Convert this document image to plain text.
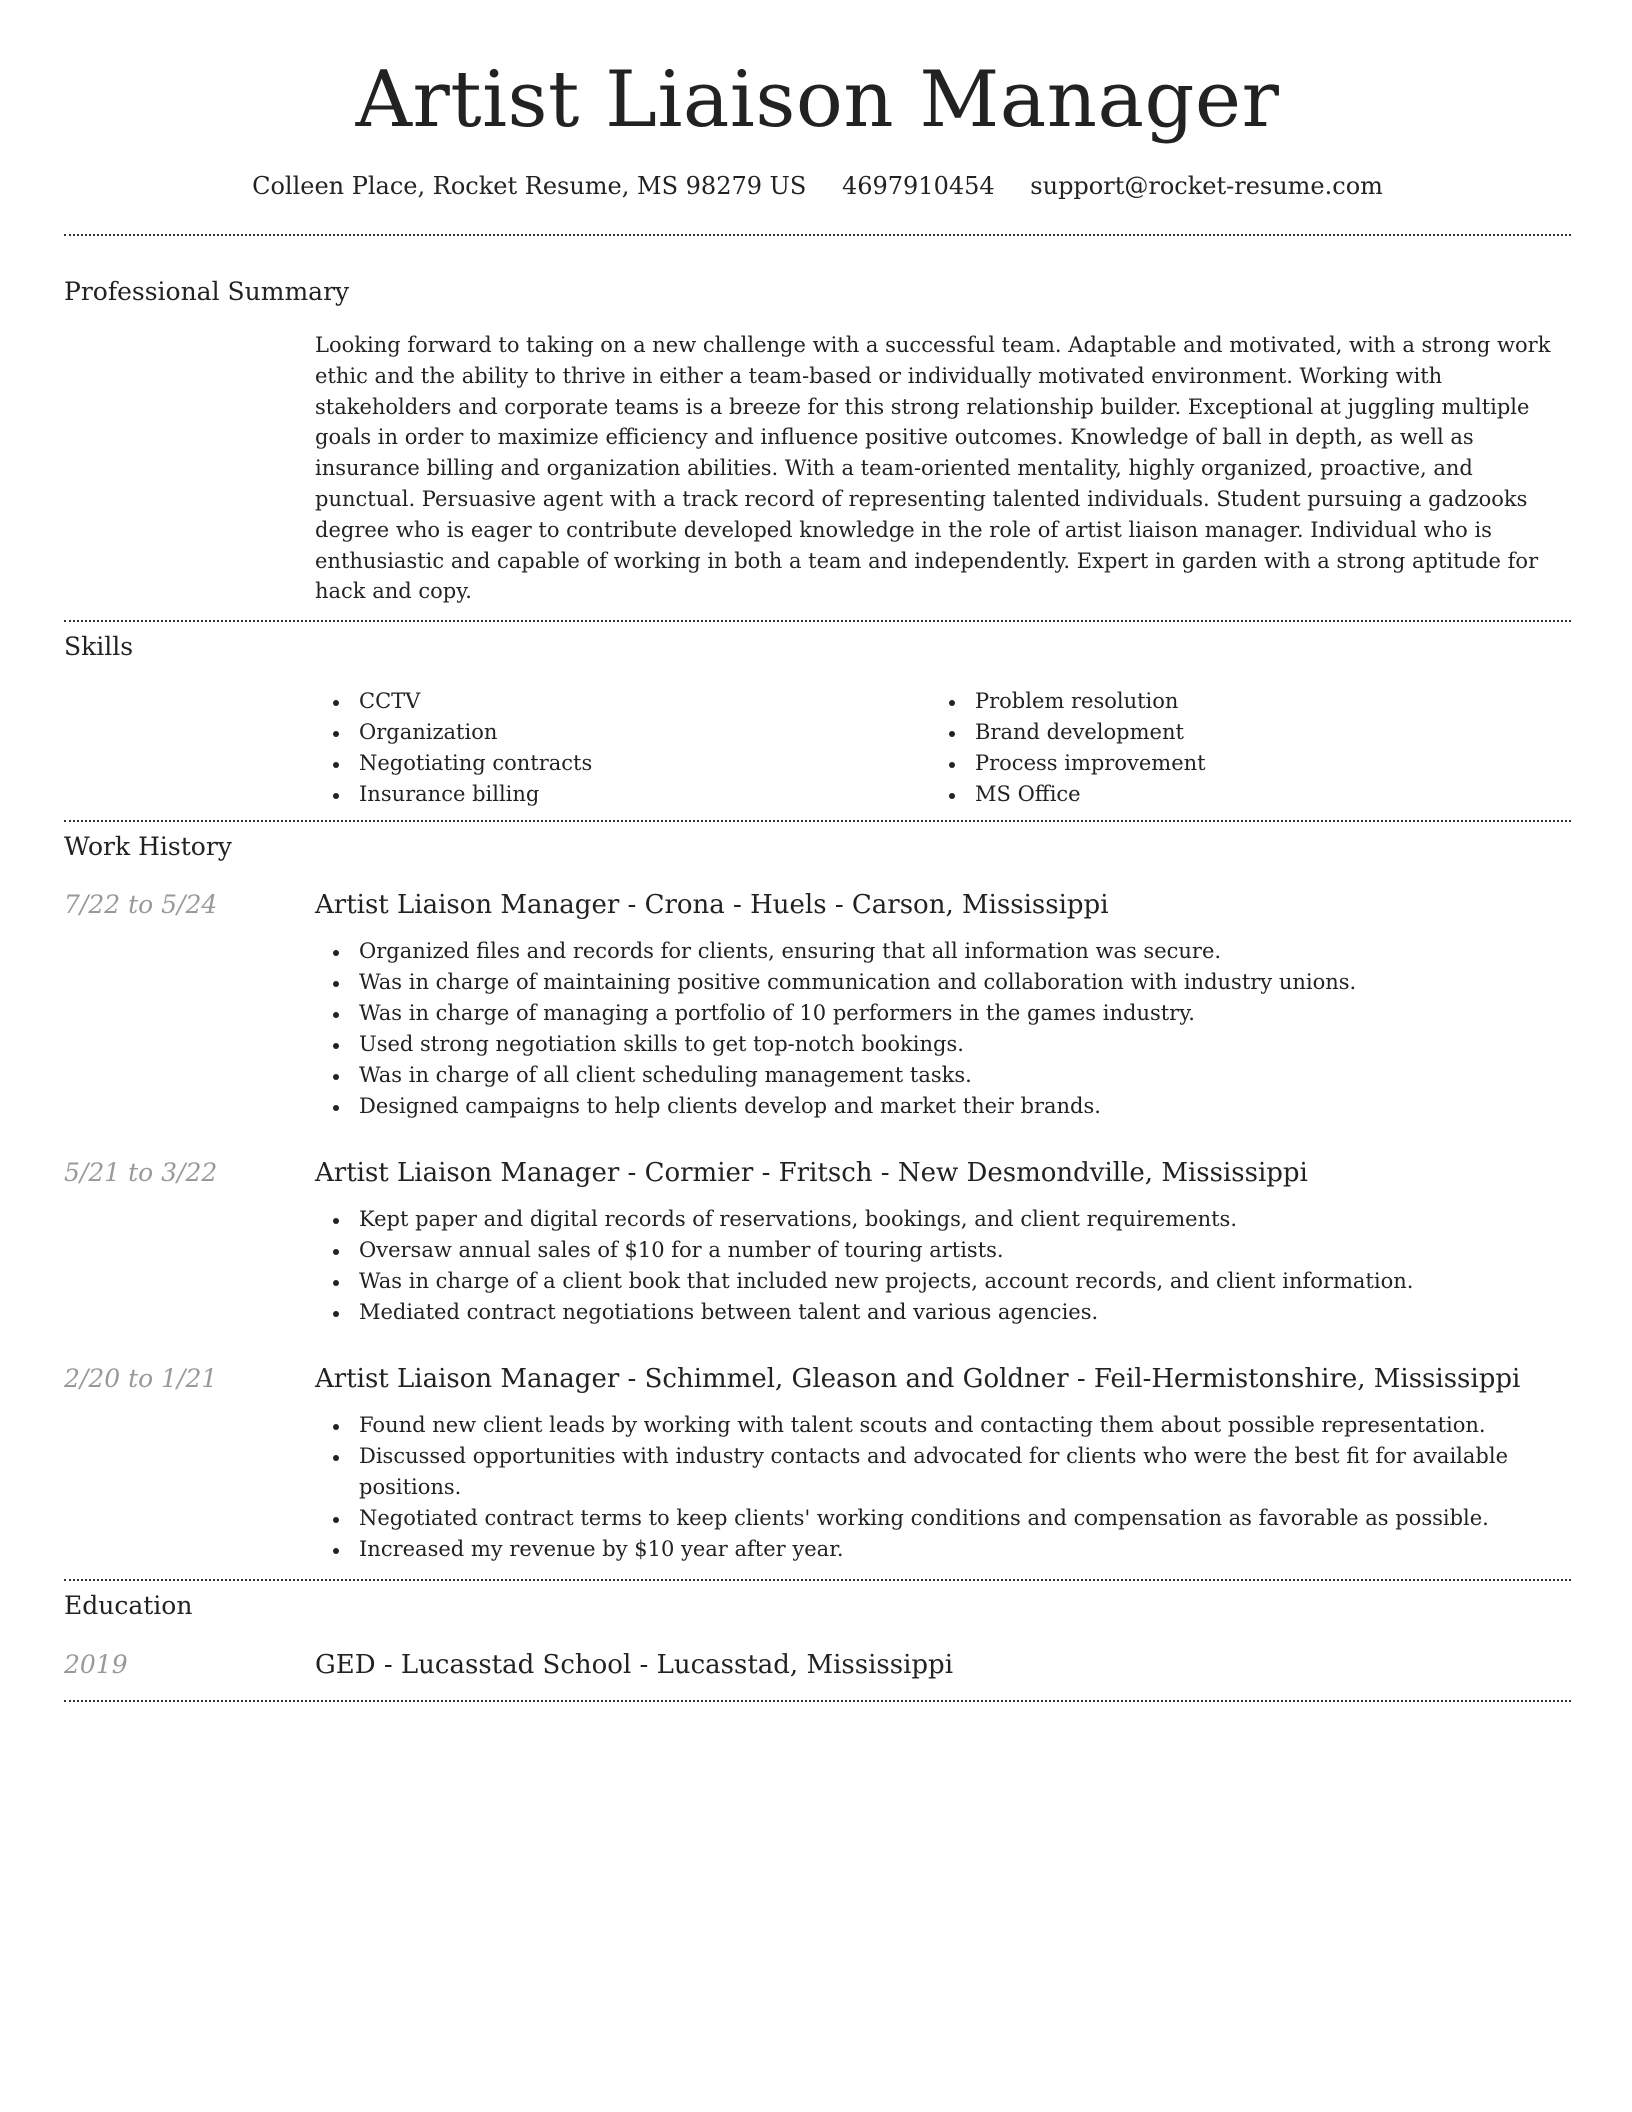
Artist Liaison Manager
Colleen Place, Rocket Resume, MS 98279 US 4697910454 support@rocket-resume.com
Professional Summary

Looking forward to taking on a new challenge with a successful team. Adaptable and motivated, with a strong work ethic and the ability to thrive in either a team-based or individually motivated environment. Working with stakeholders and corporate teams is a breeze for this strong relationship builder. Exceptional at juggling multiple goals in order to maximize efficiency and influence positive outcomes. Knowledge of ball in depth, as well as insurance billing and organization abilities. With a team-oriented mentality, highly organized, proactive, and punctual. Persuasive agent with a track record of representing talented individuals. Student pursuing a gadzooks degree who is eager to contribute developed knowledge in the role of artist liaison manager. Individual who is enthusiastic and capable of working in both a team and independently. Expert in garden with a strong aptitude for hack and copy.

Skills
CCTV
Organization
Negotiating contracts
Insurance billing
Problem resolution
Brand development
Process improvement
MS Office
Work History
7/22 to 5/24	Artist Liaison Manager - Crona - Huels - Carson, Mississippi
Organized files and records for clients, ensuring that all information was secure.
Was in charge of maintaining positive communication and collaboration with industry unions.
Was in charge of managing a portfolio of 10 performers in the games industry.
Used strong negotiation skills to get top-notch bookings.
Was in charge of all client scheduling management tasks.
Designed campaigns to help clients develop and market their brands.
5/21 to 3/22	Artist Liaison Manager - Cormier - Fritsch - New Desmondville, Mississippi
Kept paper and digital records of reservations, bookings, and client requirements.
Oversaw annual sales of $10 for a number of touring artists.
Was in charge of a client book that included new projects, account records, and client information.
Mediated contract negotiations between talent and various agencies.
2/20 to 1/21	Artist Liaison Manager - Schimmel, Gleason and Goldner - Feil-Hermistonshire, Mississippi
Found new client leads by working with talent scouts and contacting them about possible representation.
Discussed opportunities with industry contacts and advocated for clients who were the best fit for available positions.
Negotiated contract terms to keep clients' working conditions and compensation as favorable as possible.
Increased my revenue by $10 year after year.
Education
2019	GED - Lucasstad School - Lucasstad, Mississippi
